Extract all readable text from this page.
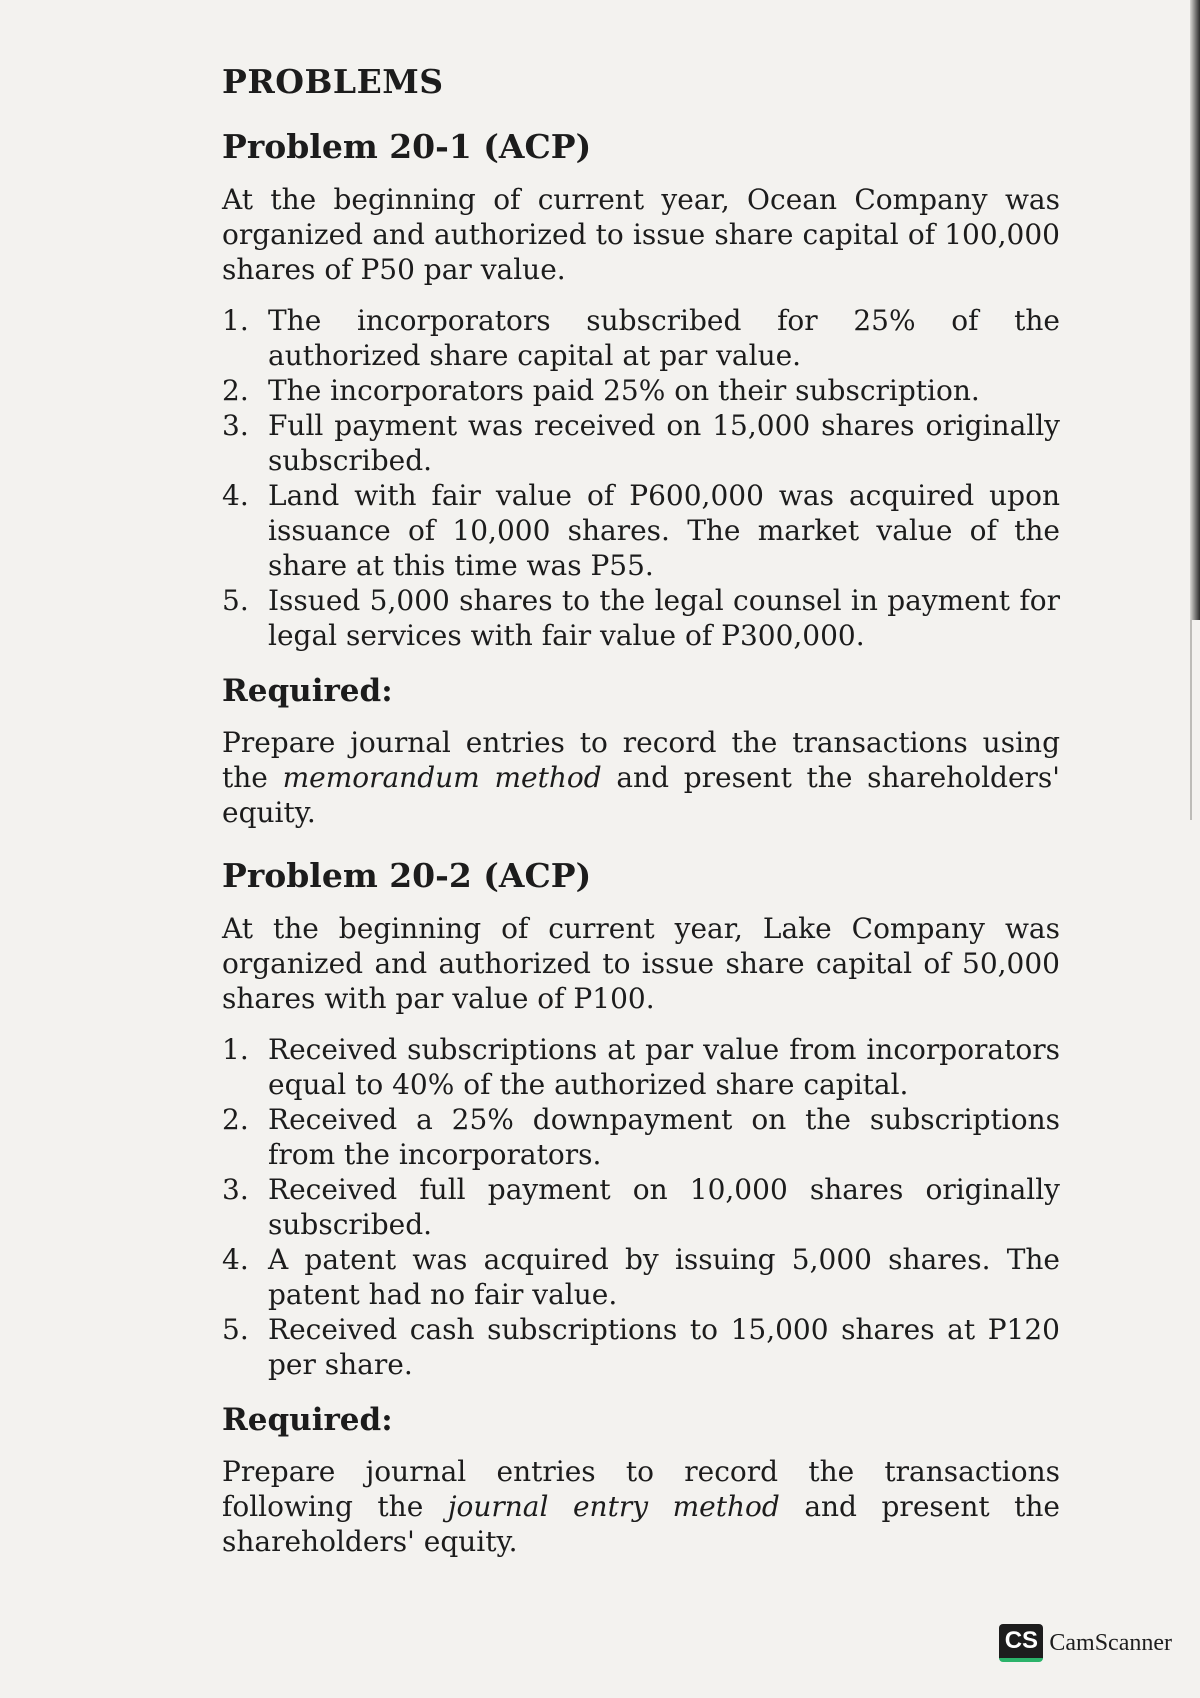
PROBLEMS
Problem 20-1 (ACP)

At the beginning of current year, Ocean Company was organized and authorized to issue share capital of 100,000 shares of P50 par value.

1. The incorporators subscribed for 25% of the authorized share capital at par value.
2. The incorporators paid 25% on their subscription.
3. Full payment was received on 15,000 shares originally subscribed.
4. Land with fair value of P600,000 was acquired upon issuance of 10,000 shares. The market value of the share at this time was P55.
5. Issued 5,000 shares to the legal counsel in payment for legal services with fair value of P300,000.
Required:

Prepare journal entries to record the transactions using the memorandum method and present the shareholders' equity.

Problem 20-2 (ACP)

At the beginning of current year, Lake Company was organized and authorized to issue share capital of 50,000 shares with par value of P100.

1. Received subscriptions at par value from incorporators equal to 40% of the authorized share capital.
2. Received a 25% downpayment on the subscriptions from the incorporators.
3. Received full payment on 10,000 shares originally subscribed.
4. A patent was acquired by issuing 5,000 shares. The patent had no fair value.
5. Received cash subscriptions to 15,000 shares at P120 per share.
Required:

Prepare journal entries to record the transactions following the journal entry method and present the shareholders' equity.

CS CamScanner
